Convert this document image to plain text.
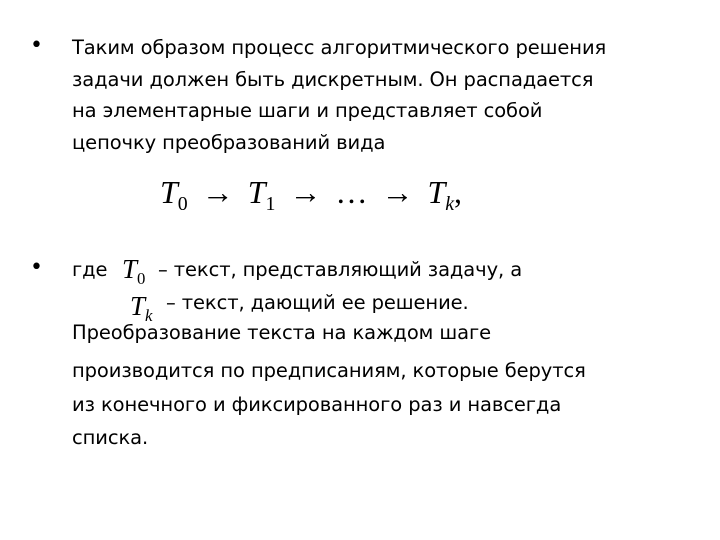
• Таким образом процесс алгоритмического решения
задачи должен быть дискретным. Он распадается
на элементарные шаги и представляет собой
цепочку преобразований вида
$T_0 \to T_1$ → … → $T_k$,
• где $T_0$ – текст, представляющий задачу, а
$T_k$
– текст, дающий ее решение.
Преобразование текста на каждом шаге
производится по предписаниям, которые берутся
из конечного и фиксированного раз и навсегда
списка.
